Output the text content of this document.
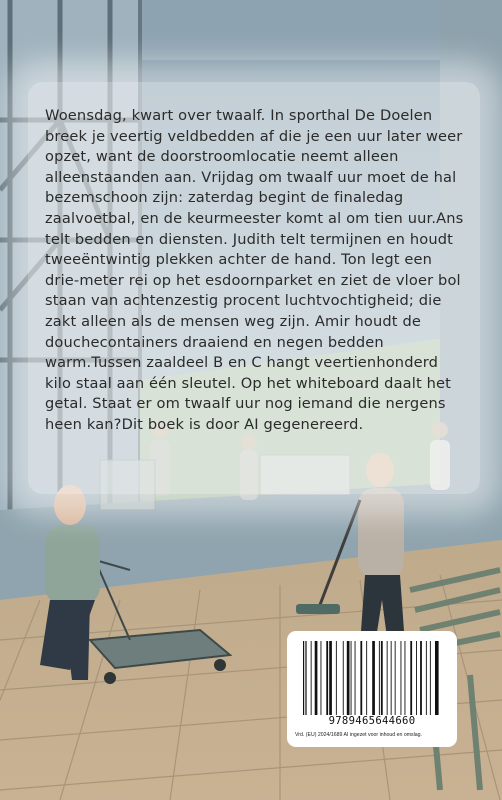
Woensdag, kwart over twaalf. In sporthal De Doelen breek je veertig veldbedden af die je een uur later weer opzet, want de doorstroomlocatie neemt alleen alleenstaanden aan. Vrijdag om twaalf uur moet de hal bezemschoon zijn: zaterdag begint de finaledag zaalvoetbal, en de keurmeester komt al om tien uur.Ans telt bedden en diensten. Judith telt termijnen en houdt tweeëntwintig plekken achter de hand. Ton legt een drie-meter rei op het esdoornparket en ziet de vloer bol staan van achtenzestig procent luchtvochtigheid; die zakt alleen als de mensen weg zijn. Amir houdt de douchecontainers draaiend en negen bedden warm.Tussen zaaldeel B en C hangt veertienhonderd kilo staal aan één sleutel. Op het whiteboard daalt het getal. Staat er om twaalf uur nog iemand die nergens heen kan?Dit boek is door AI gegenereerd.

9789465644660
Vrd. (EU) 2024/1689 AI ingezet voor inhoud en omslag.
